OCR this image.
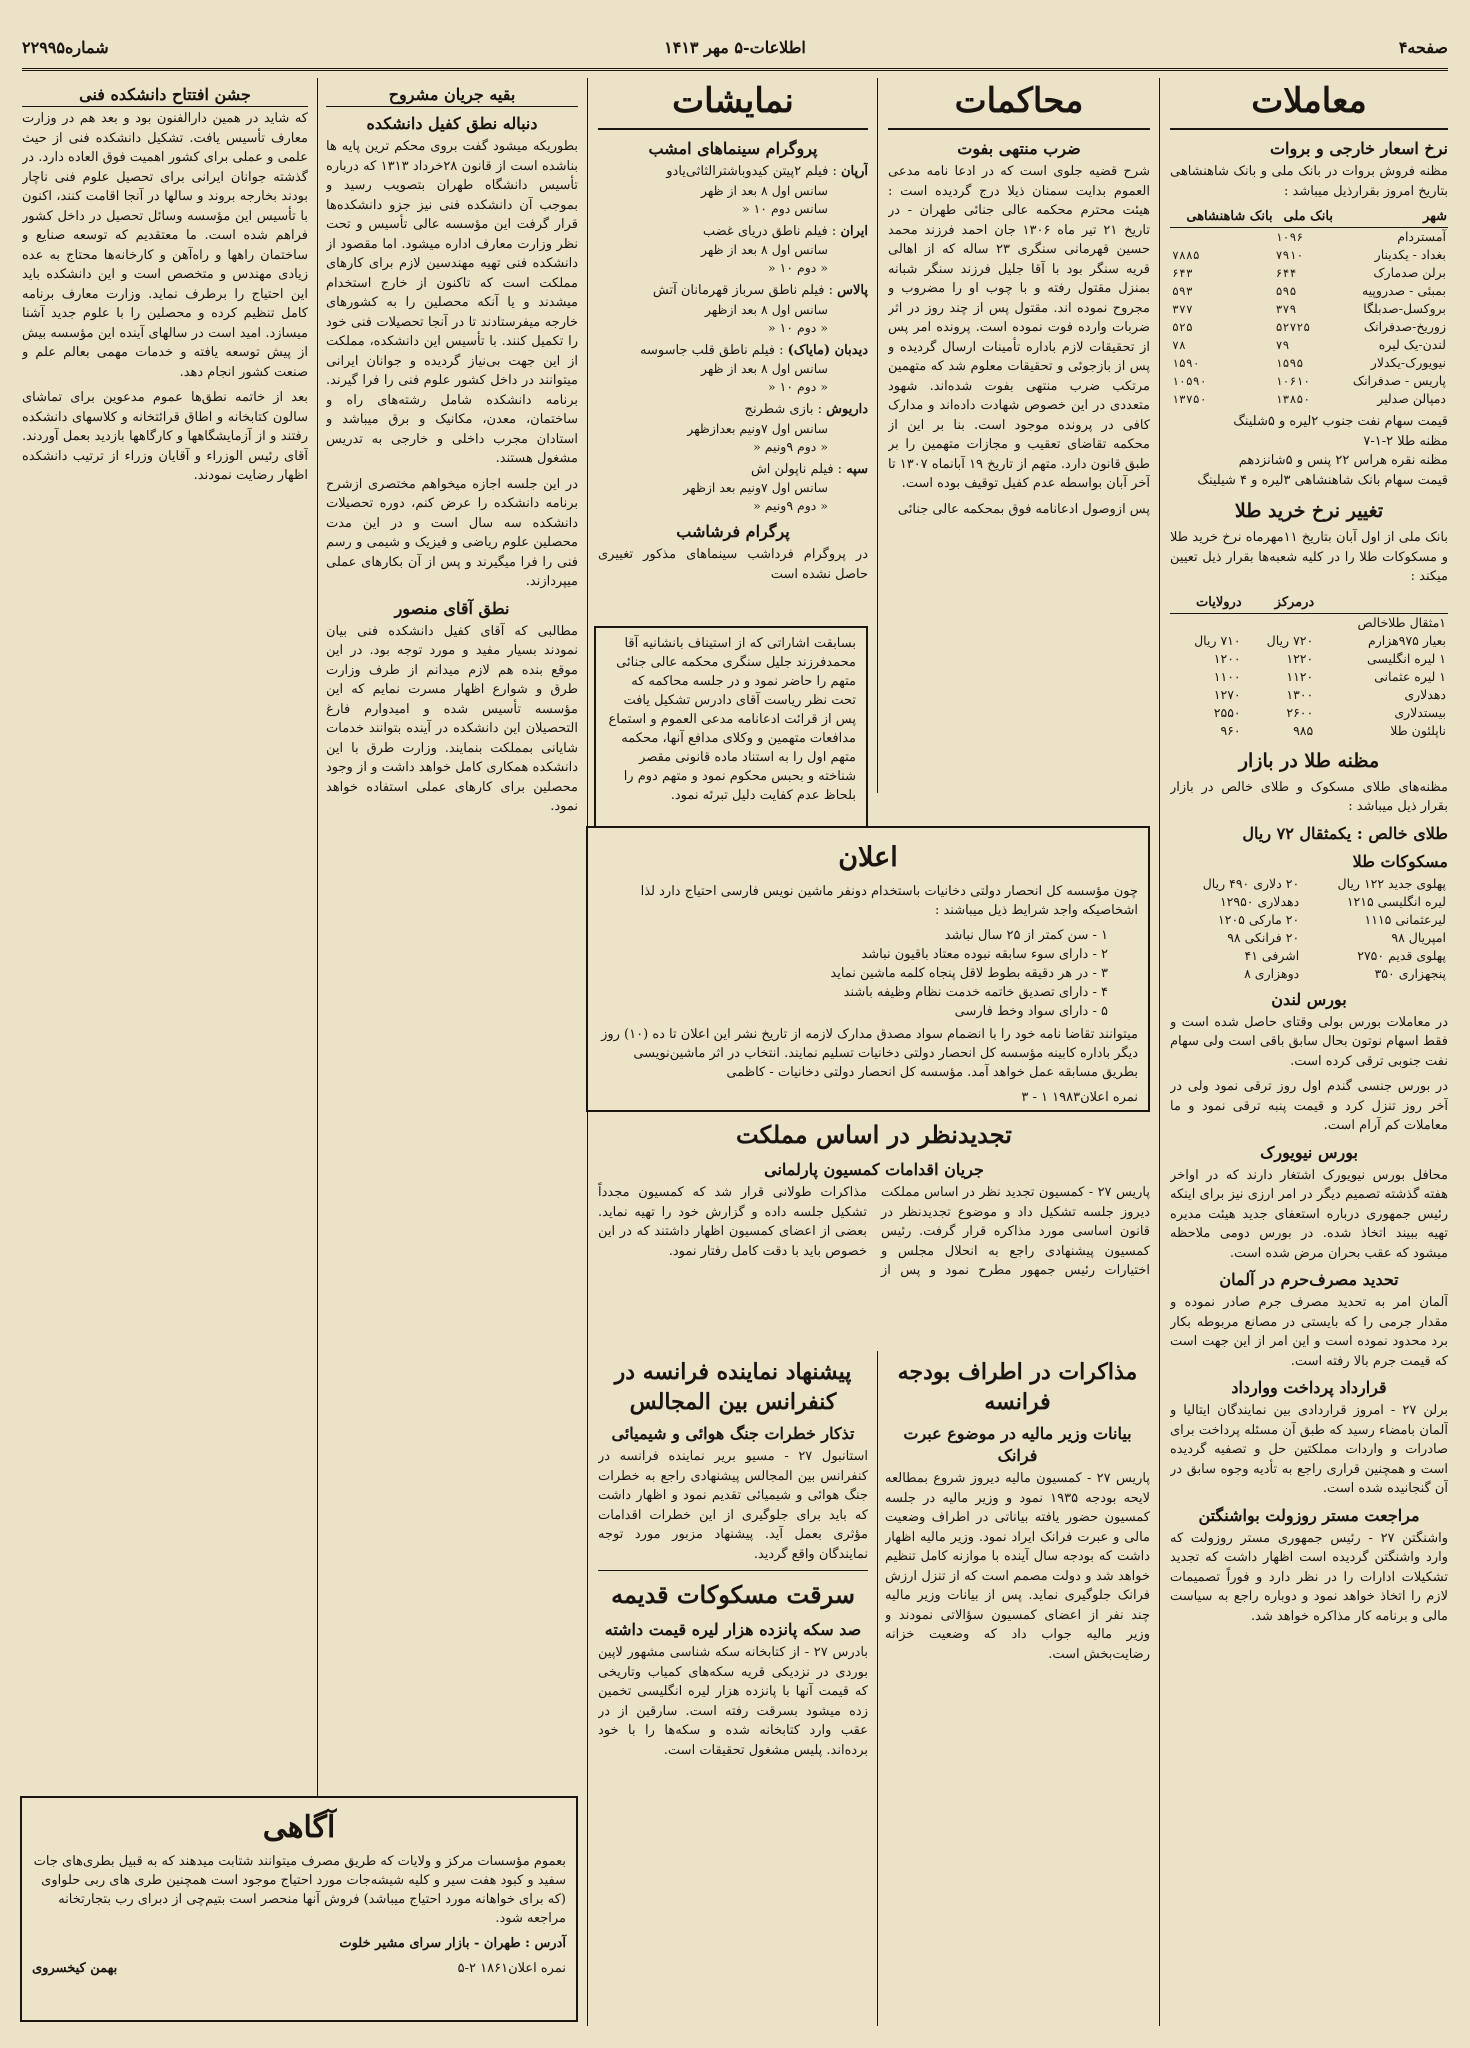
صفحه۴
اطلاعات-۵ مهر ۱۴۱۳
شماره۲۲۹۹۵
معاملات
نرخ اسعار خارجی و بروات

مظنه فروش بروات در بانک ملی و بانک شاهنشاهی بتاریخ امروز بقرارذیل میباشد :

شهر	بانک ملی	بانک شاهنشاهی
آمستردام	۱۰۹۶	
بغداد - یکدینار	۷۹۱۰	۷۸۸۵
برلن صدمارک	۶۴۴	۶۴۳
بمبئی - صدروپیه	۵۹۵	۵۹۳
بروکسل-صدبلگا	۳۷۹	۳۷۷
زوریخ-صدفرانک	۵۲۷۲۵	۵۲۵
لندن-یک لیره	۷۹	۷۸
نیویورک-یکدلار	۱۵۹۵	۱۵۹۰
پاریس - صدفرانک	۱۰۶۱۰	۱۰۵۹۰
دمپالن صدلیر	۱۳۸۵۰	۱۳۷۵۰

قیمت سهام نفت جنوب ۲لیره و ۵شلینگ

مظنه طلا ۲-۱-۷

مظنه نقره هراس ۲۲ پنس و ۵شانزدهم

قیمت سهام بانک شاهنشاهی ۳لیره و ۴ شیلینگ

تغییر نرخ خرید طلا

بانک ملی از اول آبان بتاریخ ۱۱مهرماه نرخ خرید طلا و مسکوکات طلا را در کلیه شعبه‌ها بقرار ذیل تعیین میکند :

	درمرکز	درولایات
۱مثقال طلاخالص		
بعیار ۹۷۵هزارم	۷۲۰ ریال	۷۱۰ ریال
۱ لیره انگلیسی	۱۲۲۰	۱۲۰۰
۱ لیره عثمانی	۱۱۲۰	۱۱۰۰
دهدلاری	۱۳۰۰	۱۲۷۰
بیستدلاری	۲۶۰۰	۲۵۵۰
ناپلئون طلا	۹۸۵	۹۶۰
مظنه طلا در بازار

مظنه‌های طلای مسکوک و طلای خالص در بازار بقرار ذیل میباشد :

طلای خالص : یکمثقال ۷۲ ریال
مسکوکات طلا
پهلوی جدید ۱۲۲ ریال	۲۰ دلاری ۴۹۰ ریال
لیره انگلیسی ۱۲۱۵	دهدلاری ۱۲۹۵۰
لیرعثمانی ۱۱۱۵	۲۰ مارکی ۱۲۰۵
امپریال ۹۸	۲۰ فرانکی ۹۸
پهلوی قدیم ۲۷۵۰	اشرفی ۴۱
پنجهزاری ۳۵۰	دوهزاری ۸
بورس لندن

در معاملات بورس بولی وقتای حاصل شده است و فقط اسهام نوتون بحال سابق باقی است ولی سهام نفت جنوبی ترقی کرده است.

در بورس جنسی گندم اول روز ترقی نمود ولی در آخر روز تنزل کرد و قیمت پنبه ترقی نمود و ما معاملات کم آرام است.

بورس نیویورک

محافل بورس نیویورک اشتغار دارند که در اواخر هفته گذشته تصمیم دیگر در امر ارزی نیز برای اینکه رئیس جمهوری درباره استعفای جدید هیئت مدیره تهیه ببیند اتخاذ شده. در بورس دومی ملاحظه میشود که عقب بحران مرض شده است.

تحدید مصرف‌حرم در آلمان

آلمان امر به تحدید مصرف جرم صادر نموده و مقدار جرمی را که بایستی در مصانع مربوطه بکار برد محدود نموده است و این امر از این جهت است که قیمت جرم بالا رفته است.

قرارداد پرداخت ووارداد

برلن ۲۷ - امروز قراردادی بین نمایندگان ایتالیا و آلمان بامضاء رسید که طبق آن مسئله پرداخت برای صادرات و واردات مملکتین حل و تصفیه گردیده است و همچنین قراری راجع به تأدیه وجوه سابق در آن گنجانیده شده است.

مراجعت مستر روزولت بواشنگتن

واشنگتن ۲۷ - رئیس جمهوری مستر روزولت که وارد واشنگتن گردیده است اظهار داشت که تجدید تشکیلات ادارات را در نظر دارد و فوراً تصمیمات لازم را اتخاذ خواهد نمود و دوباره راجع به سیاست مالی و برنامه کار مذاکره خواهد شد.

محاکمات
ضرب منتهی بفوت

شرح قضیه جلوی است که در ادعا نامه مدعی العموم بدایت سمنان ذیلا درج گردیده است : هیئت محترم محکمه عالی جنائی طهران - در تاریخ ۲۱ تیر ماه ۱۳۰۶ جان احمد فرزند محمد حسین قهرمانی سنگری ۲۳ ساله که از اهالی قریه سنگر بود با آقا جلیل فرزند سنگر شبانه بمنزل مقتول رفته و با چوب او را مضروب و مجروح نموده اند. مقتول پس از چند روز در اثر ضربات وارده فوت نموده است. پرونده امر پس از تحقیقات لازم باداره تأمینات ارسال گردیده و پس از بازجوئی و تحقیقات معلوم شد که متهمین مرتکب ضرب منتهی بفوت شده‌اند. شهود متعددی در این خصوص شهادت داده‌اند و مدارک کافی در پرونده موجود است. بنا بر این از محکمه تقاضای تعقیب و مجازات متهمین را بر طبق قانون دارد. متهم از تاریخ ۱۹ آبانماه ۱۳۰۷ تا آخر آبان بواسطه عدم کفیل توقیف بوده است.

پس ازوصول ادعانامه فوق بمحکمه عالی جنائی

نمایشات
پروگرام سینماهای امشب
آرپان : فیلم ۲پیتن کیدوباشترالثاثی‌یادو
سانس اول ۸ بعد از ظهر
سانس دوم ۱۰ «
ایران : فیلم ناطق دریای غضب
سانس اول ۸ بعد از ظهر
« دوم ۱۰ «
پالاس : فیلم ناطق سرباز قهرمانان آتش
سانس اول ۸ بعد ازظهر
« دوم ۱۰ «
دیدبان (مایاک) : فیلم ناطق قلب جاسوسه
سانس اول ۸ بعد از ظهر
« دوم ۱۰ «
داریوش : بازی شطرنج
سانس اول ۷ونیم بعدازظهر
« دوم ۹ونیم «
سپه : فیلم ناپولن اش
سانس اول ۷ونیم بعد ازظهر
« دوم ۹ونیم «
پرگرام فرشاشب

در پروگرام فرداشب سینماهای مذکور تغییری حاصل نشده است

بسابقت اشاراتی که از استیناف بانشانیه آقا محمدفرزند جلیل سنگری محکمه عالی جنائی متهم را حاضر نمود و در جلسه محاکمه که تحت نظر ریاست آقای دادرس تشکیل یافت پس از قرائت ادعانامه مدعی العموم و استماع مدافعات متهمین و وکلای مدافع آنها، محکمه متهم اول را به استناد ماده قانونی مقصر شناخته و بحبس محکوم نمود و متهم دوم را بلحاظ عدم کفایت دلیل تبرئه نمود.

اعلان

چون مؤسسه کل انحصار دولتی دخانیات باستخدام دونفر ماشین نویس فارسی احتیاج دارد لذا اشخاصیکه واجد شرایط ذیل میباشند :

۱ - سن کمتر از ۲۵ سال نباشد

۲ - دارای سوء سابقه نبوده معتاد باقیون نباشد

۳ - در هر دقیقه بطوط لاقل پنجاه کلمه ماشین نماید

۴ - دارای تصدیق خاتمه خدمت نظام وظیفه باشند

۵ - دارای سواد وخط فارسی

میتوانند تقاضا نامه خود را با انضمام سواد مصدق مدارک لازمه از تاریخ نشر این اعلان تا ده (۱۰) روز دیگر باداره کابینه مؤسسه کل انحصار دولتی دخانیات تسلیم نمایند. انتخاب در اثر ماشین‌نویسی بطریق مسابقه عمل خواهد آمد. مؤسسه کل انحصار دولتی دخانیات - کاظمی

نمره اعلان۱۹۸۳ ۱ - ۳

تجدیدنظر در اساس مملکت
جریان اقدامات کمسیون پارلمانی

پاریس ۲۷ - کمسیون تجدید نظر در اساس مملکت دیروز جلسه تشکیل داد و موضوع تجدیدنظر در قانون اساسی مورد مذاکره قرار گرفت. رئیس کمسیون پیشنهادی راجع به انحلال مجلس و اختیارات رئیس جمهور مطرح نمود و پس از مذاکرات طولانی قرار شد که کمسیون مجدداً تشکیل جلسه داده و گزارش خود را تهیه نماید. بعضی از اعضای کمسیون اظهار داشتند که در این خصوص باید با دقت کامل رفتار نمود.

مذاکرات در اطراف بودجه فرانسه
بیانات وزیر مالیه در موضوع عبرت فرانک

پاریس ۲۷ - کمسیون مالیه دیروز شروع بمطالعه لایحه بودجه ۱۹۳۵ نمود و وزیر مالیه در جلسه کمسیون حضور یافته بیاناتی در اطراف وضعیت مالی و عبرت فرانک ایراد نمود. وزیر مالیه اظهار داشت که بودجه سال آینده با موازنه کامل تنظیم خواهد شد و دولت مصمم است که از تنزل ارزش فرانک جلوگیری نماید. پس از بیانات وزیر مالیه چند نفر از اعضای کمسیون سؤالاتی نمودند و وزیر مالیه جواب داد که وضعیت خزانه رضایت‌بخش است.

پیشنهاد نماینده فرانسه در کنفرانس بین المجالس
تذکار خطرات جنگ هوائی و شیمیائی

استانبول ۲۷ - مسیو بریر نماینده فرانسه در کنفرانس بین المجالس پیشنهادی راجع به خطرات جنگ هوائی و شیمیائی تقدیم نمود و اظهار داشت که باید برای جلوگیری از این خطرات اقدامات مؤثری بعمل آید. پیشنهاد مزبور مورد توجه نمایندگان واقع گردید.

سرقت مسکوکات قدیمه
صد سکه پانزده هزار لیره قیمت داشته

بادرس ۲۷ - از کتابخانه سکه شناسی مشهور لاپین بوردی در نزدیکی قریه سکه‌های کمیاب وتاریخی که قیمت آنها با پانزده هزار لیره انگلیسی تخمین زده میشود بسرقت رفته است. سارقین از در عقب وارد کتابخانه شده و سکه‌ها را با خود برده‌اند. پلیس مشغول تحقیقات است.

بقیه جریان مشروح
دنباله نطق کفیل دانشکده

بطوریکه میشود گفت بروی محکم ترین پایه ها بناشده است از قانون ۲۸خرداد ۱۳۱۳ که درباره تأسیس دانشگاه طهران بتصویب رسید و بموجب آن دانشکده فنی نیز جزو دانشکده‌ها قرار گرفت این مؤسسه عالی تأسیس و تحت نظر وزارت معارف اداره میشود. اما مقصود از دانشکده فنی تهیه مهندسین لازم برای کارهای مملکت است که تاکنون از خارج استخدام میشدند و یا آنکه محصلین را به کشورهای خارجه میفرستادند تا در آنجا تحصیلات فنی خود را تکمیل کنند. با تأسیس این دانشکده، مملکت از این جهت بی‌نیاز گردیده و جوانان ایرانی میتوانند در داخل کشور علوم فنی را فرا گیرند. برنامه دانشکده شامل رشته‌های راه و ساختمان، معدن، مکانیک و برق میباشد و استادان مجرب داخلی و خارجی به تدریس مشغول هستند.

در این جلسه اجازه میخواهم مختصری ازشرح برنامه دانشکده را عرض کنم، دوره تحصیلات دانشکده سه سال است و در این مدت محصلین علوم ریاضی و فیزیک و شیمی و رسم فنی را فرا میگیرند و پس از آن بکارهای عملی میپردازند.

نطق آقای منصور

مطالبی که آقای کفیل دانشکده فنی بیان نمودند بسیار مفید و مورد توجه بود. در این موقع بنده هم لازم میدانم از طرف وزارت طرق و شوارع اظهار مسرت نمایم که این مؤسسه تأسیس شده و امیدوارم فارغ التحصیلان این دانشکده در آینده بتوانند خدمات شایانی بمملکت بنمایند. وزارت طرق با این دانشکده همکاری کامل خواهد داشت و از وجود محصلین برای کارهای عملی استفاده خواهد نمود.

جشن افتتاح دانشکده فنی

که شاید در همین دارالفنون بود و بعد هم در وزارت معارف تأسیس یافت. تشکیل دانشکده فنی از حیث علمی و عملی برای کشور اهمیت فوق العاده دارد. در گذشته جوانان ایرانی برای تحصیل علوم فنی ناچار بودند بخارجه بروند و سالها در آنجا اقامت کنند، اکنون با تأسیس این مؤسسه وسائل تحصیل در داخل کشور فراهم شده است. ما معتقدیم که توسعه صنایع و ساختمان راهها و راه‌آهن و کارخانه‌ها محتاج به عده زیادی مهندس و متخصص است و این دانشکده باید این احتیاج را برطرف نماید. وزارت معارف برنامه کامل تنظیم کرده و محصلین را با علوم جدید آشنا میسازد. امید است در سالهای آینده این مؤسسه بیش از پیش توسعه یافته و خدمات مهمی بعالم علم و صنعت کشور انجام دهد.

بعد از خاتمه نطق‌ها عموم مدعوین برای تماشای سالون کتابخانه و اطاق قرائتخانه و کلاسهای دانشکده رفتند و از آزمایشگاهها و کارگاهها بازدید بعمل آوردند. آقای رئیس الوزراء و آقایان وزراء از ترتیب دانشکده اظهار رضایت نمودند.

آگاهی

بعموم مؤسسات مرکز و ولایات که طریق مصرف میتوانند شتابت میدهند که به قبیل بطری‌های جات سفید و کبود هفت سیر و کلیه شیشه‌جات مورد احتیاج موجود است همچنین طری های ربی حلواوی (که برای خواهانه مورد احتیاج میباشد) فروش آنها منحصر است بتیم‌چی از دبرای رب بتجارتخانه مراجعه شود.

آدرس : طهران - بازار سرای مشیر خلوت

نمره اعلان۱۸۶۱ ۲-۵
بهمن کیخسروی
